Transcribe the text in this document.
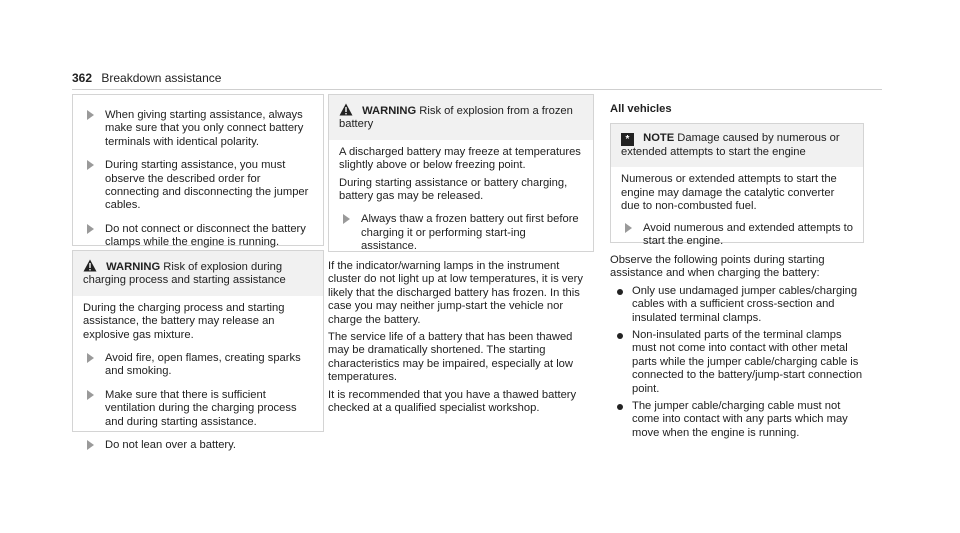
362 Breakdown assistance
When giving starting assistance, always make sure that you only connect battery terminals with identical polarity.
During starting assistance, you must observe the described order for connecting and disconnecting the jumper cables.
Do not connect or disconnect the battery clamps while the engine is running.
WARNING Risk of explosion during charging process and starting assistance
During the charging process and starting assistance, the battery may release an explosive gas mixture.
Avoid fire, open flames, creating sparks and smoking.
Make sure that there is sufficient ventilation during the charging process and during starting assistance.
Do not lean over a battery.
WARNING Risk of explosion from a frozen battery
A discharged battery may freeze at temperatures slightly above or below freezing point.
During starting assistance or battery charging, battery gas may be released.
Always thaw a frozen battery out first before charging it or performing start-ing assistance.
If the indicator/warning lamps in the instrument cluster do not light up at low temperatures, it is very likely that the discharged battery has frozen. In this case you may neither jump-start the vehicle nor charge the battery.
The service life of a battery that has been thawed may be dramatically shortened. The starting characteristics may be impaired, especially at low temperatures.
It is recommended that you have a thawed battery checked at a qualified specialist workshop.
All vehicles
* NOTE Damage caused by numerous or extended attempts to start the engine
Numerous or extended attempts to start the engine may damage the catalytic converter due to non-combusted fuel.
Avoid numerous and extended attempts to start the engine.
Observe the following points during starting assistance and when charging the battery:
Only use undamaged jumper cables/charging cables with a sufficient cross-section and insulated terminal clamps.
Non-insulated parts of the terminal clamps must not come into contact with other metal parts while the jumper cable/charging cable is connected to the battery/jump-start connection point.
The jumper cable/charging cable must not come into contact with any parts which may move when the engine is running.
